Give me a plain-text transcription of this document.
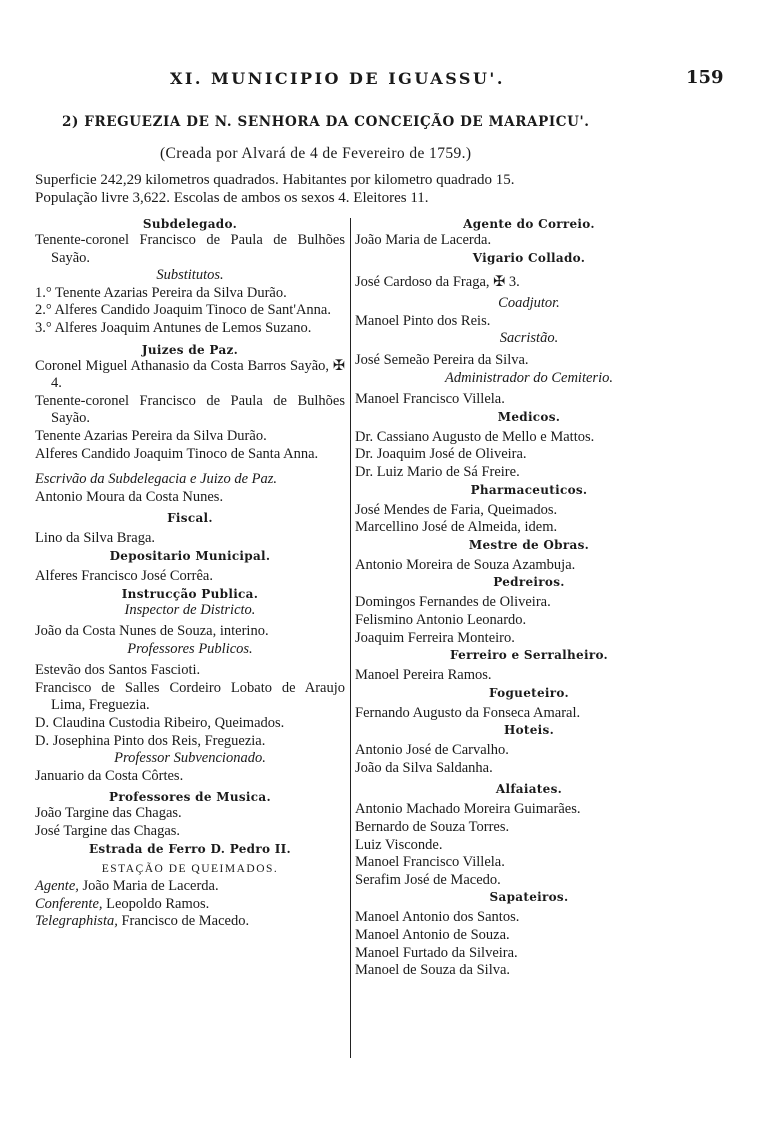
XI. MUNICIPIO DE IGUASSU'.	159
2) FREGUEZIA DE N. SENHORA DA CONCEIÇÃO DE MARAPICU'.
(Creada por Alvará de 4 de Fevereiro de 1759.)
Superficie 242,29 kilometros quadrados. Habitantes por kilometro quadrado 15.
População livre 3,622. Escolas de ambos os sexos 4. Eleitores 11.
Subdelegado.
Tenente-coronel Francisco de Paula de Bulhões Sayão.
Substitutos.
1.° Tenente Azarias Pereira da Silva Durão.
2.° Alferes Candido Joaquim Tinoco de Sant'Anna.
3.° Alferes Joaquim Antunes de Lemos Suzano.
Juizes de Paz.
Coronel Miguel Athanasio da Costa Barros Sayão, ✠ 4.
Tenente-coronel Francisco de Paula de Bulhões Sayão.
Tenente Azarias Pereira da Silva Durão.
Alferes Candido Joaquim Tinoco de Santa Anna.
Escrivão da Subdelegacia e Juizo de Paz.
Antonio Moura da Costa Nunes.
Fiscal.
Lino da Silva Braga.
Depositario Municipal.
Alferes Francisco José Corrêa.
Instrucção Publica.
Inspector de Districto.
João da Costa Nunes de Souza, interino.
Professores Publicos.
Estevão dos Santos Fascioti.
Francisco de Salles Cordeiro Lobato de Araujo Lima, Freguezia.
D. Claudina Custodia Ribeiro, Queimados.
D. Josephina Pinto dos Reis, Freguezia.
Professor Subvencionado.
Januario da Costa Côrtes.
Professores de Musica.
João Targine das Chagas.
José Targine das Chagas.
Estrada de Ferro D. Pedro II.
ESTAÇÃO DE QUEIMADOS.
Agente, João Maria de Lacerda.
Conferente, Leopoldo Ramos.
Telegraphista, Francisco de Macedo.
Agente do Correio.
João Maria de Lacerda.
Vigario Collado.
José Cardoso da Fraga, ✠ 3.
Coadjutor.
Manoel Pinto dos Reis.
Sacristão.
José Semeão Pereira da Silva.
Administrador do Cemiterio.
Manoel Francisco Villela.
Medicos.
Dr. Cassiano Augusto de Mello e Mattos.
Dr. Joaquim José de Oliveira.
Dr. Luiz Mario de Sá Freire.
Pharmaceuticos.
José Mendes de Faria, Queimados.
Marcellino José de Almeida, idem.
Mestre de Obras.
Antonio Moreira de Souza Azambuja.
Pedreiros.
Domingos Fernandes de Oliveira.
Felismino Antonio Leonardo.
Joaquim Ferreira Monteiro.
Ferreiro e Serralheiro.
Manoel Pereira Ramos.
Fogueteiro.
Fernando Augusto da Fonseca Amaral.
Hoteis.
Antonio José de Carvalho.
João da Silva Saldanha.
Alfaiates.
Antonio Machado Moreira Guimarães.
Bernardo de Souza Torres.
Luiz Visconde.
Manoel Francisco Villela.
Serafim José de Macedo.
Sapateiros.
Manoel Antonio dos Santos.
Manoel Antonio de Souza.
Manoel Furtado da Silveira.
Manoel de Souza da Silva.
